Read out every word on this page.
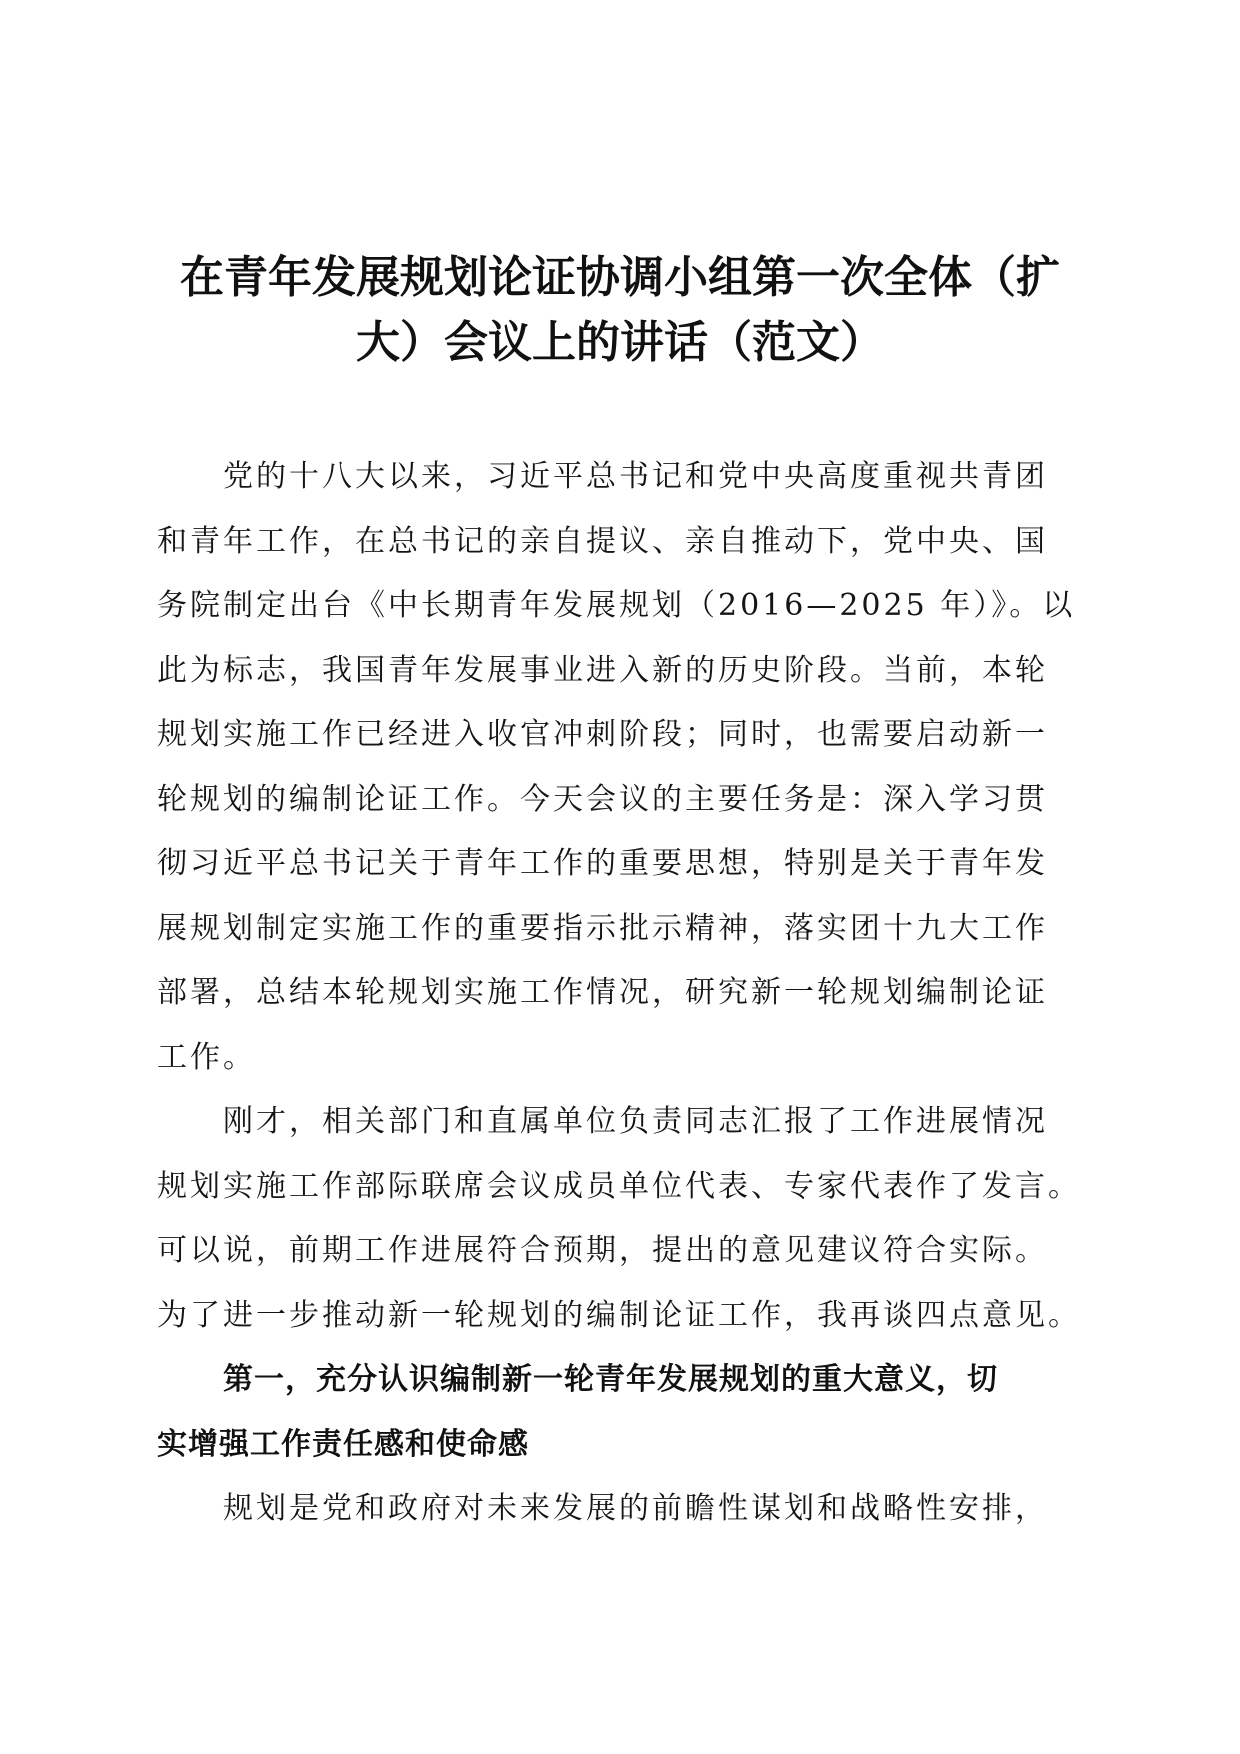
在青年发展规划论证协调小组第一次全体（扩
大）会议上的讲话（范文）
党的十八大以来，习近平总书记和党中央高度重视共青团
和青年工作，在总书记的亲自提议、亲自推动下，党中央、国
务院制定出台《中长期青年发展规划（2016—2025 年）》。以
此为标志，我国青年发展事业进入新的历史阶段。当前，本轮
规划实施工作已经进入收官冲刺阶段；同时，也需要启动新一
轮规划的编制论证工作。今天会议的主要任务是：深入学习贯
彻习近平总书记关于青年工作的重要思想，特别是关于青年发
展规划制定实施工作的重要指示批示精神，落实团十九大工作
部署，总结本轮规划实施工作情况，研究新一轮规划编制论证
工作。
刚才，相关部门和直属单位负责同志汇报了工作进展情况
规划实施工作部际联席会议成员单位代表、专家代表作了发言。
可以说，前期工作进展符合预期，提出的意见建议符合实际。
为了进一步推动新一轮规划的编制论证工作，我再谈四点意见。
第一，充分认识编制新一轮青年发展规划的重大意义，切
实增强工作责任感和使命感
规划是党和政府对未来发展的前瞻性谋划和战略性安排，
